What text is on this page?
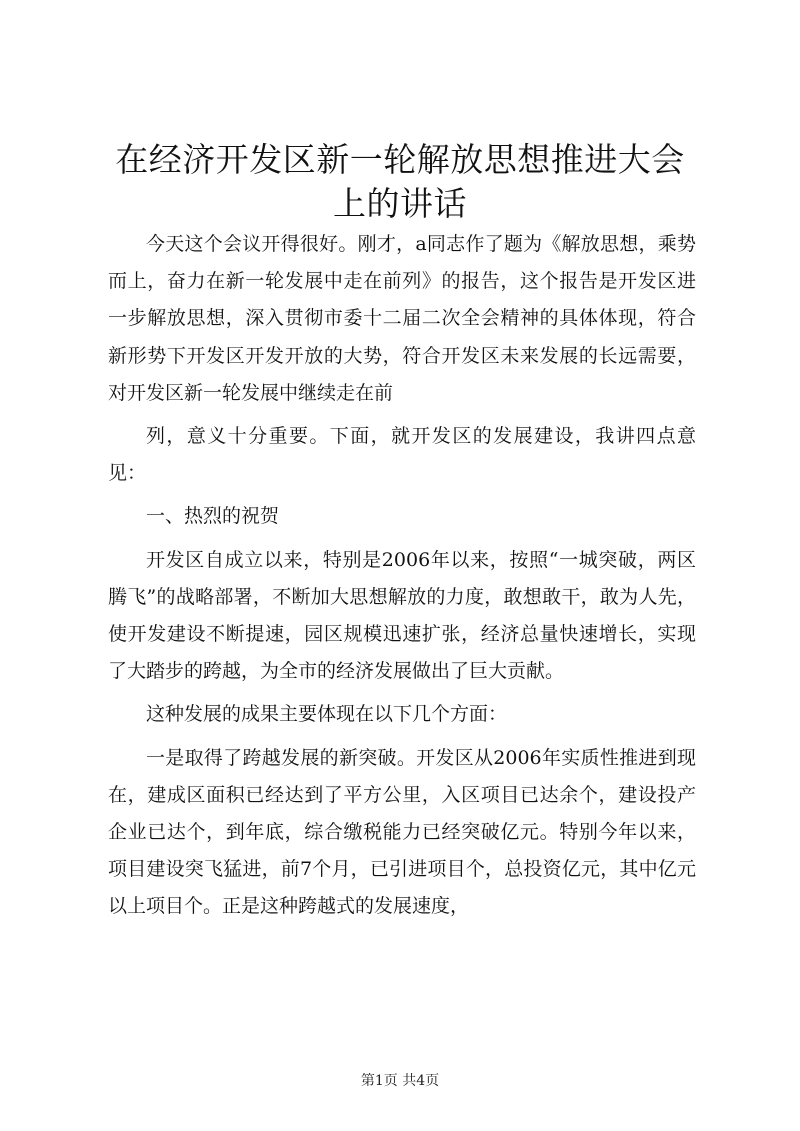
在经济开发区新一轮解放思想推进大会上的讲话

今天这个会议开得很好。刚才，a同志作了题为《解放思想，乘势而上，奋力在新一轮发展中走在前列》的报告，这个报告是开发区进一步解放思想，深入贯彻市委十二届二次全会精神的具体体现，符合新形势下开发区开发开放的大势，符合开发区未来发展的长远需要，对开发区新一轮发展中继续走在前

列，意义十分重要。下面，就开发区的发展建设，我讲四点意见：

一、热烈的祝贺

开发区自成立以来，特别是2006年以来，按照“一城突破，两区腾飞”的战略部署，不断加大思想解放的力度，敢想敢干，敢为人先，使开发建设不断提速，园区规模迅速扩张，经济总量快速增长，实现了大踏步的跨越，为全市的经济发展做出了巨大贡献。

这种发展的成果主要体现在以下几个方面：

一是取得了跨越发展的新突破。开发区从2006年实质性推进到现在，建成区面积已经达到了平方公里，入区项目已达余个，建设投产企业已达个，到年底，综合缴税能力已经突破亿元。特别今年以来，项目建设突飞猛进，前7个月，已引进项目个，总投资亿元，其中亿元以上项目个。正是这种跨越式的发展速度，

第1页 共4页
